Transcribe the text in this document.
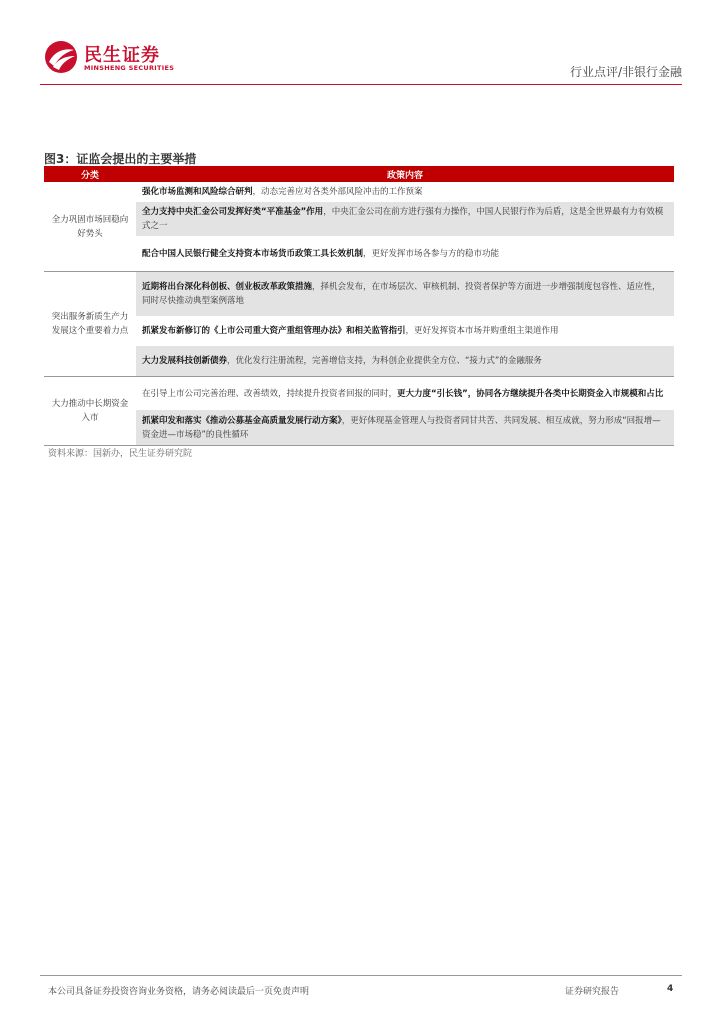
民生证券
MINSHENG SECURITIES	行业点评/非银行金融
图3：证监会提出的主要举措
分类	政策内容
全力巩固市场回稳向好势头	强化市场监测和风险综合研判，动态完善应对各类外部风险冲击的工作预案
	全力支持中央汇金公司发挥好类“平准基金”作用，中央汇金公司在前方进行强有力操作，中国人民银行作为后盾，这是全世界最有力有效模式之一
	配合中国人民银行健全支持资本市场货币政策工具长效机制，更好发挥市场各参与方的稳市功能
突出服务新质生产力发展这个重要着力点	近期将出台深化科创板、创业板改革政策措施，择机会发布，在市场层次、审核机制、投资者保护等方面进一步增强制度包容性、适应性，同时尽快推动典型案例落地
	抓紧发布新修订的《上市公司重大资产重组管理办法》和相关监管指引，更好发挥资本市场并购重组主渠道作用
	大力发展科技创新债券，优化发行注册流程，完善增信支持，为科创企业提供全方位、“接力式”的金融服务
大力推动中长期资金入市	在引导上市公司完善治理、改善绩效，持续提升投资者回报的同时，更大力度“引长钱”，协同各方继续提升各类中长期资金入市规模和占比
	抓紧印发和落实《推动公募基金高质量发展行动方案》，更好体现基金管理人与投资者同甘共苦、共同发展、相互成就，努力形成“回报增—资金进—市场稳”的良性循环
资料来源：国新办，民生证券研究院
本公司具备证券投资咨询业务资格，请务必阅读最后一页免责声明	证券研究报告	4
